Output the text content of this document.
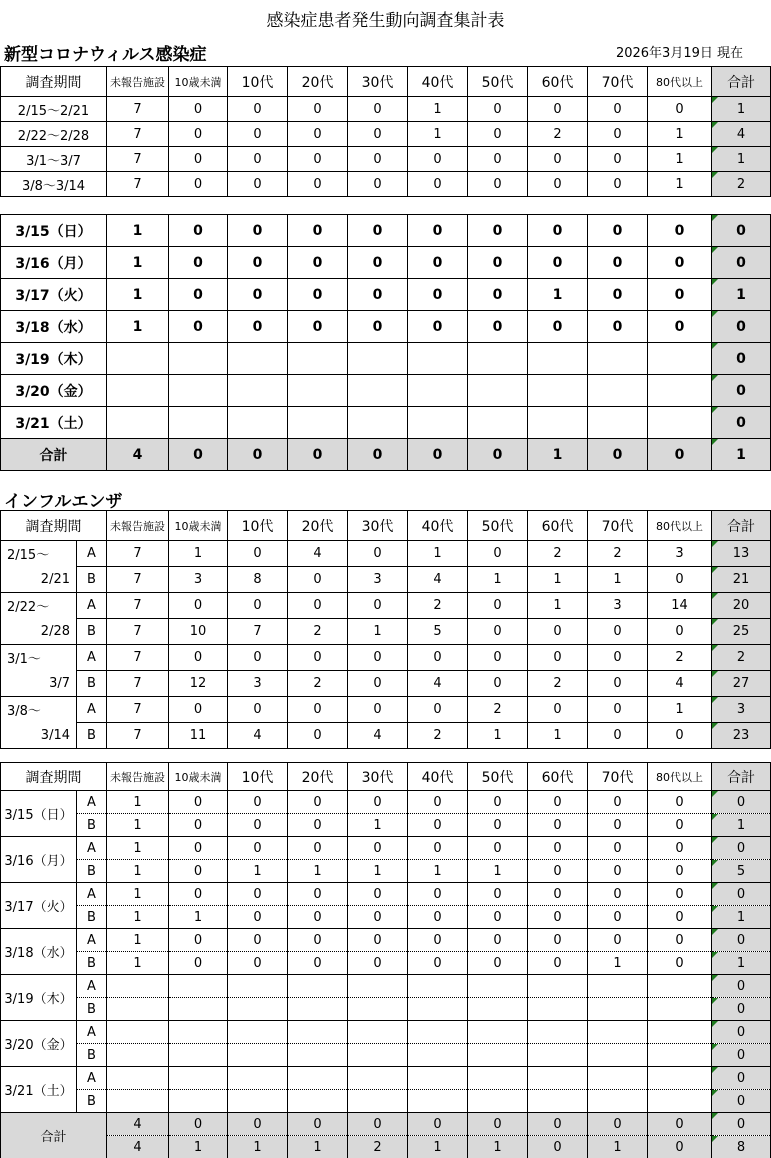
感染症患者発生動向調査集計表
新型コロナウィルス感染症	2026年3月19日 現在
インフルエンザ
調査期間	未報告施設	10歳未満	10代	20代	30代	40代	50代	60代	70代	80代以上	合計
2/15〜2/21	7	0	0	0	0	1	0	0	0	0	1
2/22〜2/28	7	0	0	0	0	1	0	2	0	1	4
3/1〜3/7	7	0	0	0	0	0	0	0	0	1	1
3/8〜3/14	7	0	0	0	0	0	0	0	0	1	2
3/15（日）	1	0	0	0	0	0	0	0	0	0	0
3/16（月）	1	0	0	0	0	0	0	0	0	0	0
3/17（火）	1	0	0	0	0	0	0	1	0	0	1
3/18（水）	1	0	0	0	0	0	0	0	0	0	0
3/19（木）											0
3/20（金）											0
3/21（土）											0
合計	4	0	0	0	0	0	0	1	0	0	1
調査期間		未報告施設	10歳未満	10代	20代	30代	40代	50代	60代	70代	80代以上	合計
2/15〜	A	7	1	0	4	0	1	0	2	2	3	13
2/21	B	7	3	8	0	3	4	1	1	1	0	21
2/22〜	A	7	0	0	0	0	2	0	1	3	14	20
2/28	B	7	10	7	2	1	5	0	0	0	0	25
3/1〜	A	7	0	0	0	0	0	0	0	0	2	2
3/7	B	7	12	3	2	0	4	0	2	0	4	27
3/8〜	A	7	0	0	0	0	0	2	0	0	1	3
3/14	B	7	11	4	0	4	2	1	1	0	0	23
調査期間		未報告施設	10歳未満	10代	20代	30代	40代	50代	60代	70代	80代以上	合計
3/15（日）	A	1	0	0	0	0	0	0	0	0	0	0
	B	1	0	0	0	1	0	0	0	0	0	1
3/16（月）	A	1	0	0	0	0	0	0	0	0	0	0
	B	1	0	1	1	1	1	1	0	0	0	5
3/17（火）	A	1	0	0	0	0	0	0	0	0	0	0
	B	1	1	0	0	0	0	0	0	0	0	1
3/18（水）	A	1	0	0	0	0	0	0	0	0	0	0
	B	1	0	0	0	0	0	0	0	1	0	1
3/19（木）	A											0
	B											0
3/20（金）	A											0
	B											0
3/21（土）	A											0
	B											0
合計		4	0	0	0	0	0	0	0	0	0	0
		4	1	1	1	2	1	1	0	1	0	8
